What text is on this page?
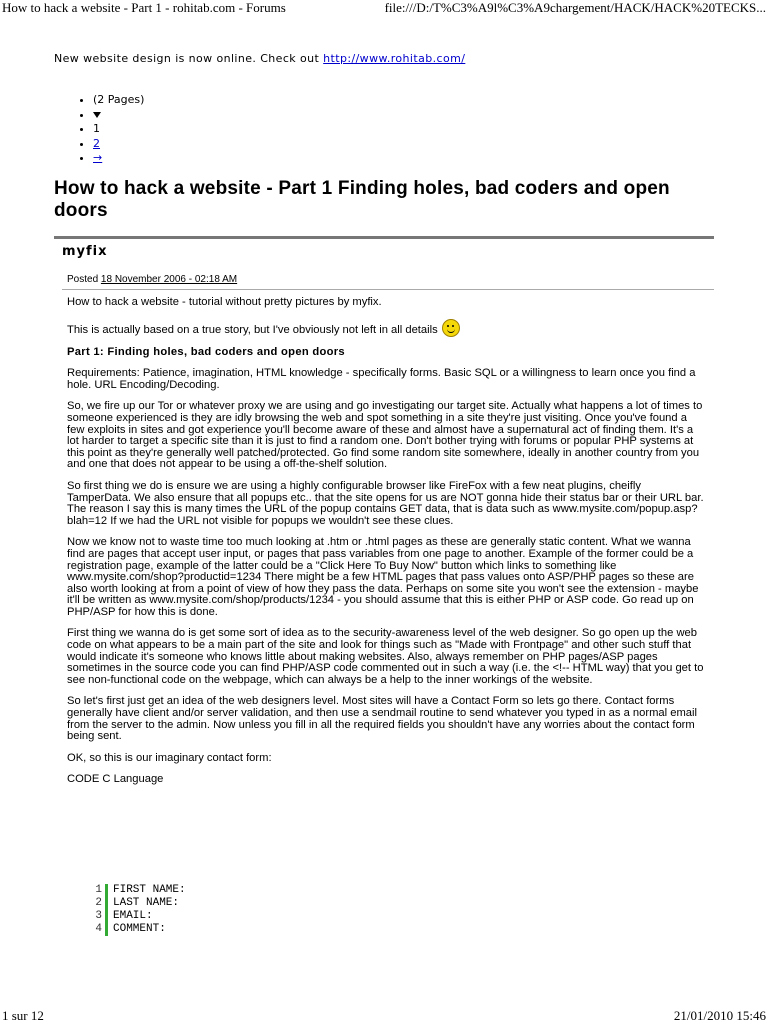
How to hack a website - Part 1 - rohitab.com - Forums	file:///D:/T%C3%A9l%C3%A9chargement/HACK/HACK%20TECKS...
New website design is now online. Check out http://www.rohitab.com/
• (2 Pages)
•
• 1
• 2
• →
How to hack a website - Part 1 Finding holes, bad coders and open doors
myfix
Posted 18 November 2006 - 02:18 AM

How to hack a website - tutorial without pretty pictures by myfix.

This is actually based on a true story, but I've obviously not left in all details

Part 1: Finding holes, bad coders and open doors

Requirements: Patience, imagination, HTML knowledge - specifically forms. Basic SQL or a willingness to learn once you find a hole. URL Encoding/Decoding.

So, we fire up our Tor or whatever proxy we are using and go investigating our target site. Actually what happens a lot of times to someone experienced is they are idly browsing the web and spot something in a site they're just visiting. Once you've found a few exploits in sites and got experience you'll become aware of these and almost have a supernatural act of finding them. It's a lot harder to target a specific site than it is just to find a random one. Don't bother trying with forums or popular PHP systems at this point as they're generally well patched/protected. Go find some random site somewhere, ideally in another country from you and one that does not appear to be using a off-the-shelf solution.

So first thing we do is ensure we are using a highly configurable browser like FireFox with a few neat plugins, cheifly TamperData. We also ensure that all popups etc.. that the site opens for us are NOT gonna hide their status bar or their URL bar. The reason I say this is many times the URL of the popup contains GET data, that is data such as www.mysite.com/popup.asp?blah=12 If we had the URL not visible for popups we wouldn't see these clues.

Now we know not to waste time too much looking at .htm or .html pages as these are generally static content. What we wanna find are pages that accept user input, or pages that pass variables from one page to another. Example of the former could be a registration page, example of the latter could be a "Click Here To Buy Now" button which links to something like www.mysite.com/shop?productid=1234 There might be a few HTML pages that pass values onto ASP/PHP pages so these are also worth looking at from a point of view of how they pass the data. Perhaps on some site you won't see the extension - maybe it'll be written as www.mysite.com/shop/products/1234 - you should assume that this is either PHP or ASP code. Go read up on PHP/ASP for how this is done.

First thing we wanna do is get some sort of idea as to the security-awareness level of the web designer. So go open up the web code on what appears to be a main part of the site and look for things such as "Made with Frontpage" and other such stuff that would indicate it's someone who knows little about making websites. Also, always remember on PHP pages/ASP pages sometimes in the source code you can find PHP/ASP code commented out in such a way (i.e. the <!-- HTML way) that you get to see non-functional code on the webpage, which can always be a help to the inner workings of the website.

So let's first just get an idea of the web designers level. Most sites will have a Contact Form so lets go there. Contact forms generally have client and/or server validation, and then use a sendmail routine to send whatever you typed in as a normal email from the server to the admin. Now unless you fill in all the required fields you shouldn't have any worries about the contact form being sent.

OK, so this is our imaginary contact form:

CODE C Language

1 FIRST NAME:
2 LAST NAME:
3 EMAIL:
4 COMMENT:
1 sur 12	21/01/2010 15:46
